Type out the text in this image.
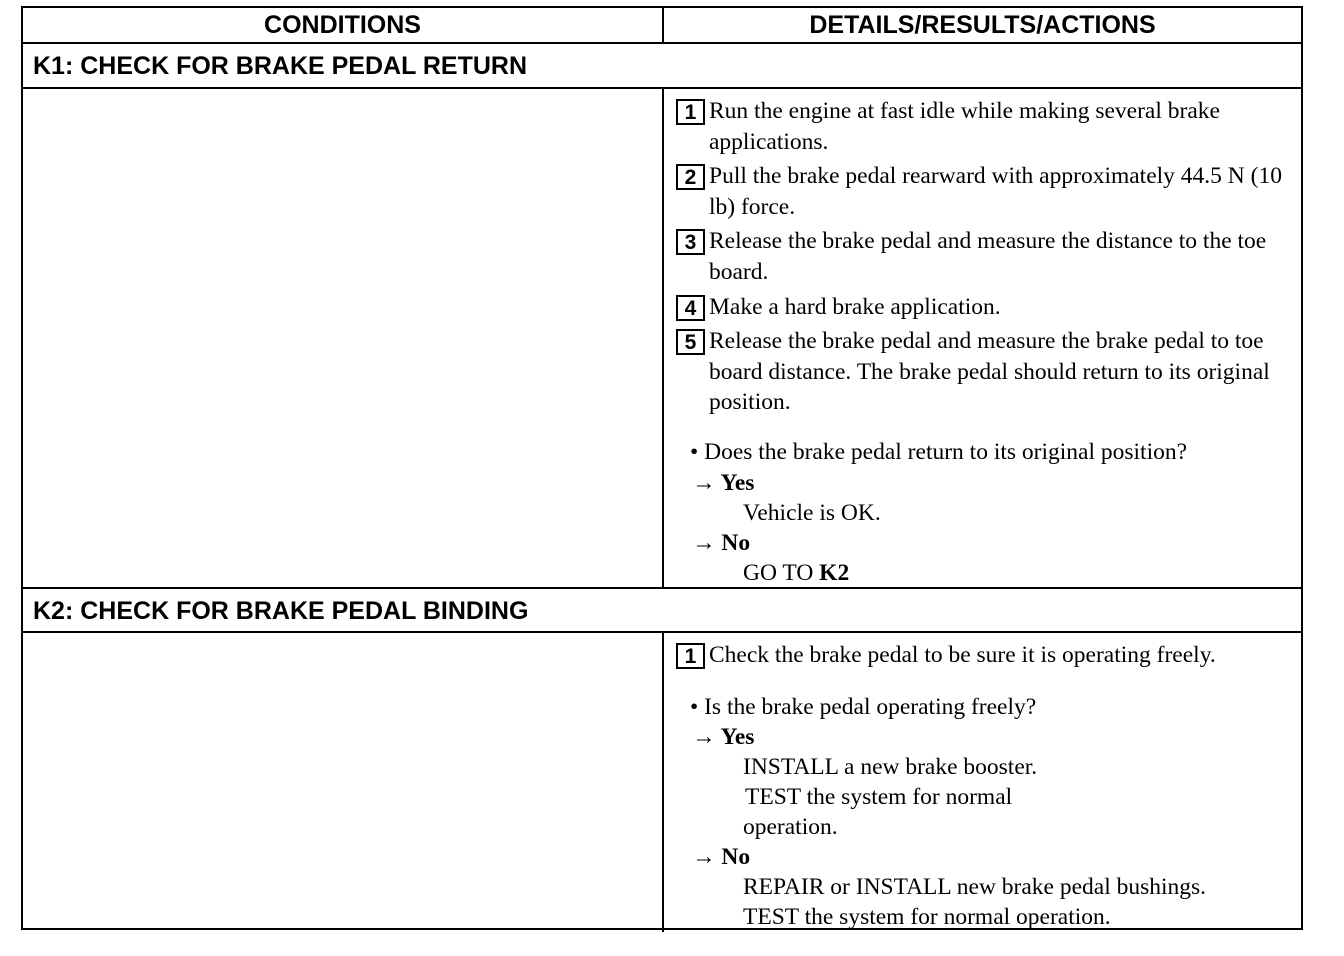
CONDITIONS	DETAILS/RESULTS/ACTIONS
K1: CHECK FOR BRAKE PEDAL RETURN
1 Run the engine at fast idle while making several brake applications.
2 Pull the brake pedal rearward with approximately 44.5 N (10 lb) force.
3 Release the brake pedal and measure the distance to the toe board.
4 Make a hard brake application.
5 Release the brake pedal and measure the brake pedal to toe board distance. The brake pedal should return to its original position.
• Does the brake pedal return to its original position?
→ Yes
Vehicle is OK.
→ No
GO TO K2
K2: CHECK FOR BRAKE PEDAL BINDING
1 Check the brake pedal to be sure it is operating freely.
• Is the brake pedal operating freely?
→ Yes
INSTALL a new brake booster.
TEST the system for normal
operation.
→ No
REPAIR or INSTALL new brake pedal bushings.
TEST the system for normal operation.
